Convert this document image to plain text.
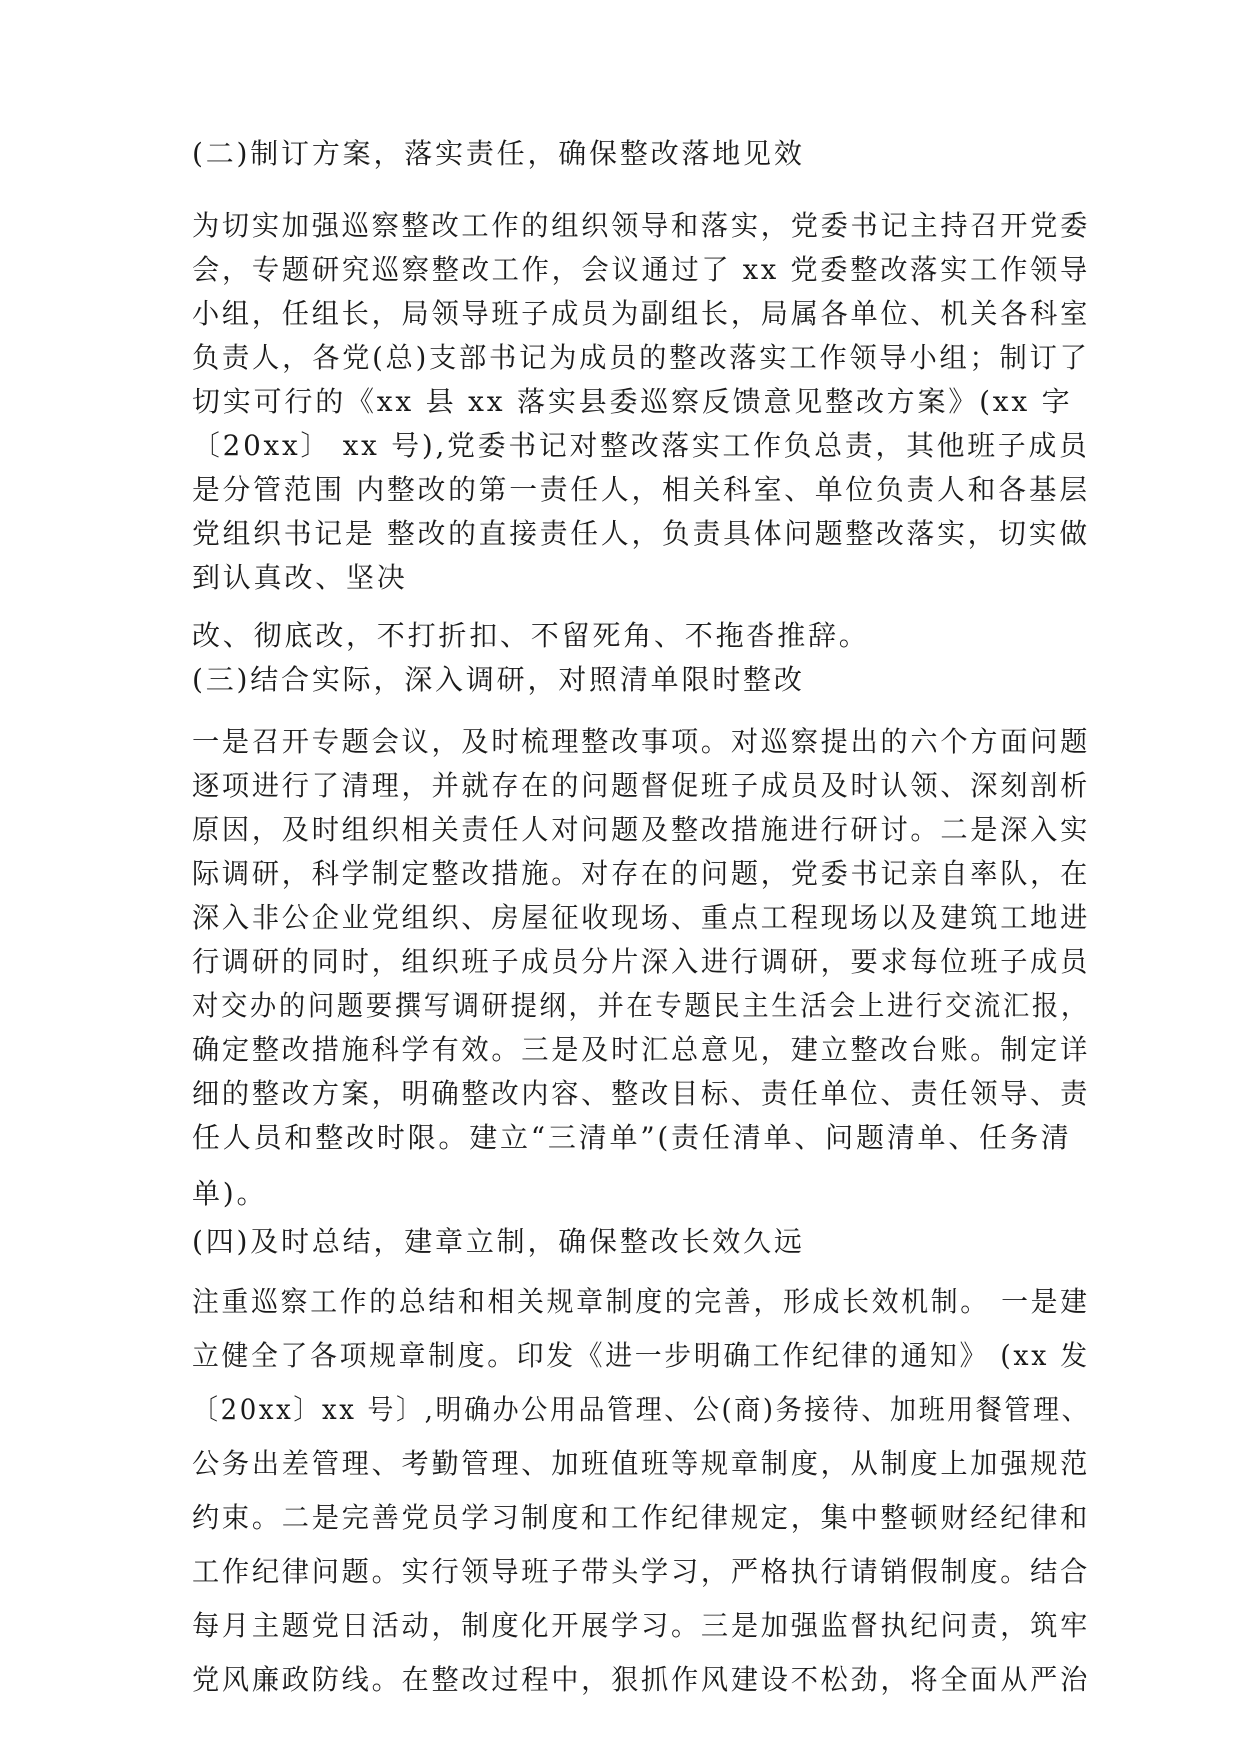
(二)制订方案，落实责任，确保整改落地见效
为切实加强巡察整改工作的组织领导和落实，党委书记主持召开党委
会，专题研究巡察整改工作，会议通过了 xx 党委整改落实工作领导
小组，任组长，局领导班子成员为副组长，局属各单位、机关各科室
负责人，各党(总)支部书记为成员的整改落实工作领导小组；制订了
切实可行的《xx 县 xx 落实县委巡察反馈意见整改方案》(xx 字
〔20xx〕 xx 号),党委书记对整改落实工作负总责，其他班子成员
是分管范围 内整改的第一责任人，相关科室、单位负责人和各基层
党组织书记是 整改的直接责任人，负责具体问题整改落实，切实做
到认真改、坚决
改、彻底改，不打折扣、不留死角、不拖沓推辞。
(三)结合实际，深入调研，对照清单限时整改
一是召开专题会议，及时梳理整改事项。对巡察提出的六个方面问题
逐项进行了清理，并就存在的问题督促班子成员及时认领、深刻剖析
原因，及时组织相关责任人对问题及整改措施进行研讨。二是深入实
际调研，科学制定整改措施。对存在的问题，党委书记亲自率队，在
深入非公企业党组织、房屋征收现场、重点工程现场以及建筑工地进
行调研的同时，组织班子成员分片深入进行调研，要求每位班子成员
对交办的问题要撰写调研提纲，并在专题民主生活会上进行交流汇报，
确定整改措施科学有效。三是及时汇总意见，建立整改台账。制定详
细的整改方案，明确整改内容、整改目标、责任单位、责任领导、责
任人员和整改时限。建立“三清单”(责任清单、问题清单、任务清
单)。
(四)及时总结，建章立制，确保整改长效久远
注重巡察工作的总结和相关规章制度的完善，形成长效机制。 一是建
立健全了各项规章制度。印发《进一步明确工作纪律的通知》 (xx 发
〔20xx〕xx 号〕,明确办公用品管理、公(商)务接待、加班用餐管理、
公务出差管理、考勤管理、加班值班等规章制度，从制度上加强规范
约束。二是完善党员学习制度和工作纪律规定，集中整顿财经纪律和
工作纪律问题。实行领导班子带头学习，严格执行请销假制度。结合
每月主题党日活动，制度化开展学习。三是加强监督执纪问责，筑牢
党风廉政防线。在整改过程中，狠抓作风建设不松劲，将全面从严治
